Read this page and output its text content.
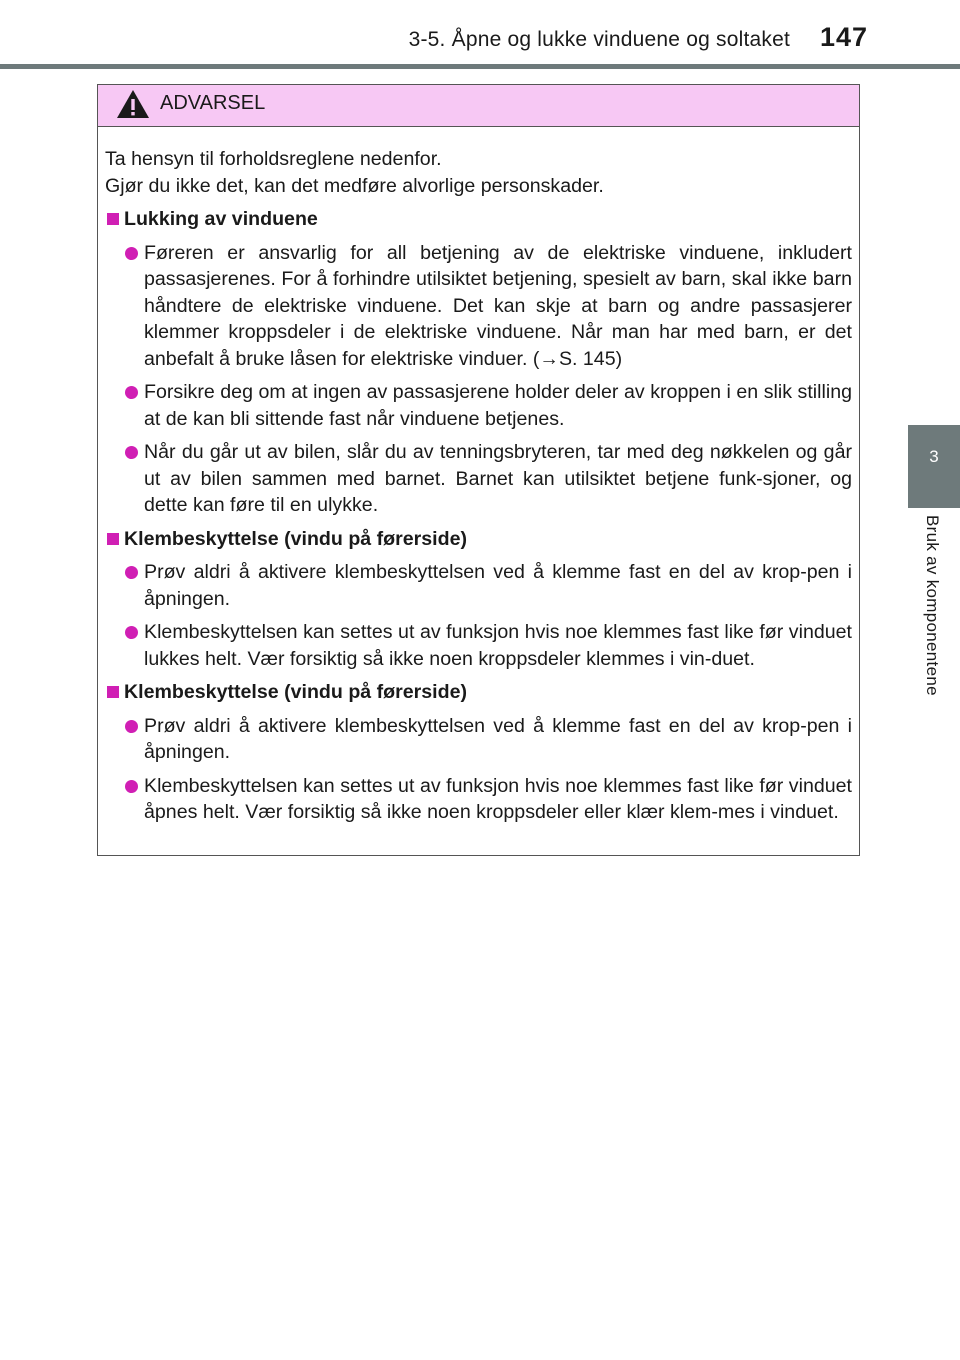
3-5. Åpne og lukke vinduene og soltaket 147
3
Bruk av komponentene
ADVARSEL
Ta hensyn til forholdsreglene nedenfor.
Gjør du ikke det, kan det medføre alvorlige personskader.
Lukking av vinduene
Føreren er ansvarlig for all betjening av de elektriske vinduene, inkludert passasjerenes. For å forhindre utilsiktet betjening, spesielt av barn, skal ikke barn håndtere de elektriske vinduene. Det kan skje at barn og andre passasjerer klemmer kroppsdeler i de elektriske vinduene. Når man har med barn, er det anbefalt å bruke låsen for elektriske vinduer. (→S. 145)
Forsikre deg om at ingen av passasjerene holder deler av kroppen i en slik stilling at de kan bli sittende fast når vinduene betjenes.
Når du går ut av bilen, slår du av tenningsbryteren, tar med deg nøkkelen og går ut av bilen sammen med barnet. Barnet kan utilsiktet betjene funk-sjoner, og dette kan føre til en ulykke.
Klembeskyttelse (vindu på førerside)
Prøv aldri å aktivere klembeskyttelsen ved å klemme fast en del av krop-pen i åpningen.
Klembeskyttelsen kan settes ut av funksjon hvis noe klemmes fast like før vinduet lukkes helt. Vær forsiktig så ikke noen kroppsdeler klemmes i vin-duet.
Klembeskyttelse (vindu på førerside)
Prøv aldri å aktivere klembeskyttelsen ved å klemme fast en del av krop-pen i åpningen.
Klembeskyttelsen kan settes ut av funksjon hvis noe klemmes fast like før vinduet åpnes helt. Vær forsiktig så ikke noen kroppsdeler eller klær klem-mes i vinduet.
